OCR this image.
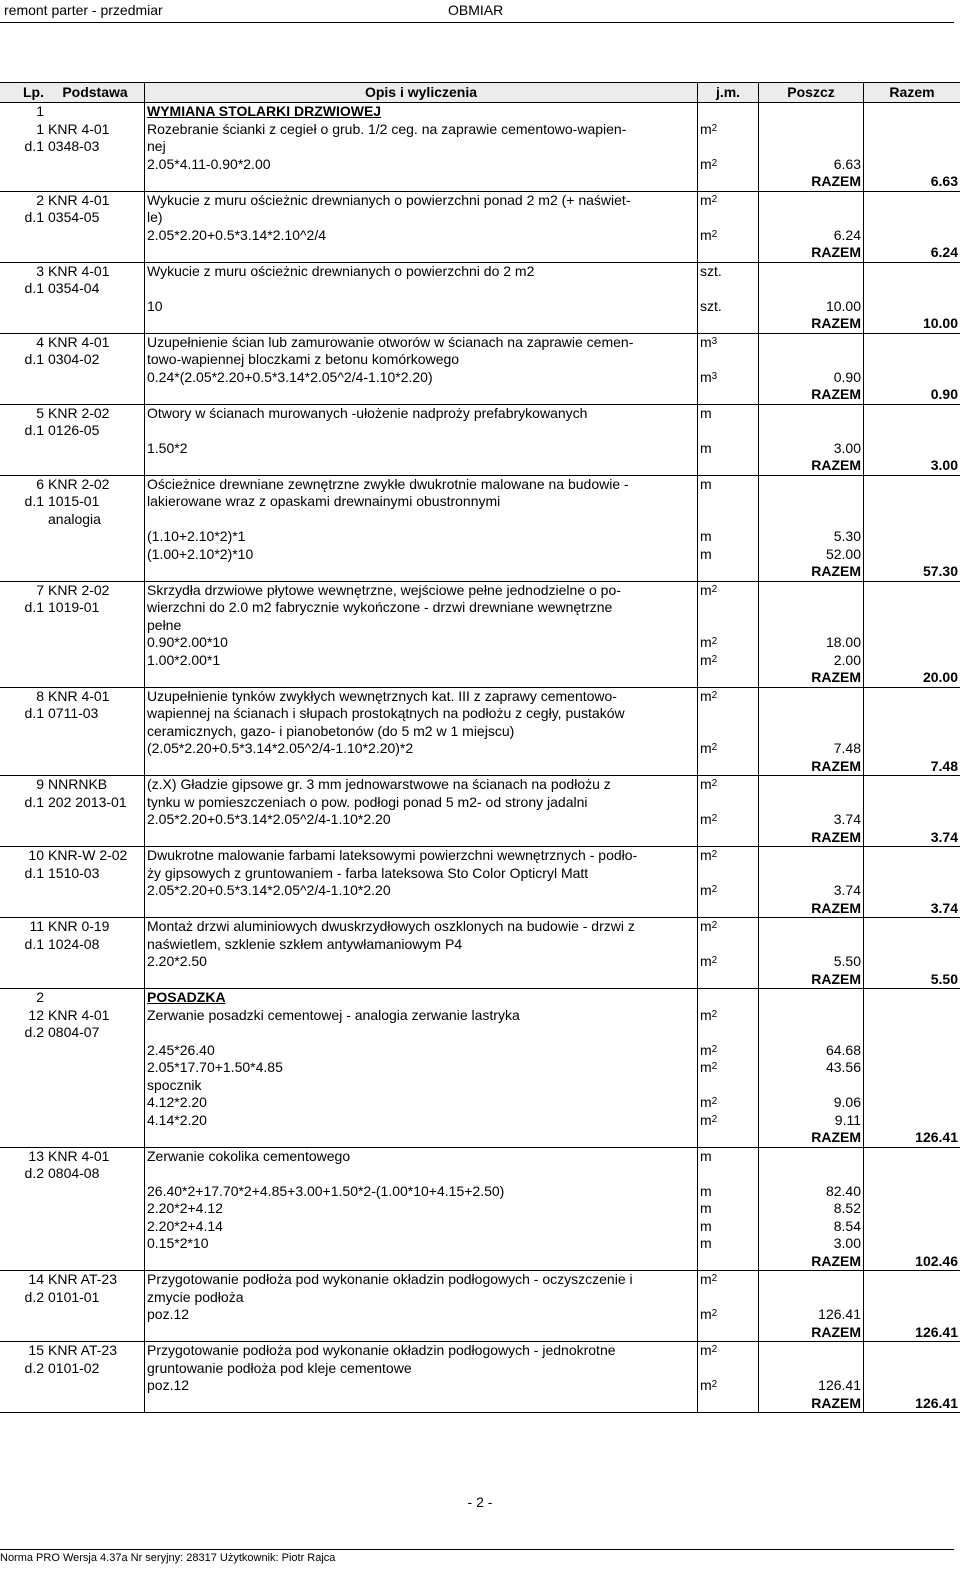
remont parter - przedmiar	OBMIAR
Lp.	Podstawa	Opis i wyliczenia	j.m.	Poszcz	Razem
1		WYMIANA STOLARKI DRZWIOWEJ			
1	KNR 4-01	Rozebranie ścianki z cegieł o grub. 1/2 ceg. na zaprawie cementowo-wapien-	$m^2$		
d.1	0348-03	nej			
		2.05*4.11-0.90*2.00	$m^2$	6.63	
				RAZEM	6.63
2	KNR 4-01	Wykucie z muru ościeżnic drewnianych o powierzchni ponad 2 m2 (+ naświet-	$m^2$		
d.1	0354-05	le)			
		2.05*2.20+0.5*3.14*2.10^2/4	$m^2$	6.24	
				RAZEM	6.24
3	KNR 4-01	Wykucie z muru ościeżnic drewnianych o powierzchni do 2 m2	szt.		
d.1	0354-04				
		10	szt.	10.00	
				RAZEM	10.00
4	KNR 4-01	Uzupełnienie ścian lub zamurowanie otworów w ścianach na zaprawie cemen-	$m^3$		
d.1	0304-02	towo-wapiennej bloczkami z betonu komórkowego			
		0.24*(2.05*2.20+0.5*3.14*2.05^2/4-1.10*2.20)	$m^3$	0.90	
				RAZEM	0.90
5	KNR 2-02	Otwory w ścianach murowanych -ułożenie nadproży prefabrykowanych	m		
d.1	0126-05				
		1.50*2	m	3.00	
				RAZEM	3.00
6	KNR 2-02	Ościeżnice drewniane zewnętrzne zwykłe dwukrotnie malowane na budowie -	m		
d.1	1015-01	lakierowane wraz z opaskami drewnainymi obustronnymi			
	analogia				
		(1.10+2.10*2)*1	m	5.30	
		(1.00+2.10*2)*10	m	52.00	
				RAZEM	57.30
7	KNR 2-02	Skrzydła drzwiowe płytowe wewnętrzne, wejściowe pełne jednodzielne o po-	$m^2$		
d.1	1019-01	wierzchni do 2.0 m2 fabrycznie wykończone - drzwi drewniane wewnętrzne			
		pełne			
		0.90*2.00*10	$m^2$	18.00	
		1.00*2.00*1	$m^2$	2.00	
				RAZEM	20.00
8	KNR 4-01	Uzupełnienie tynków zwykłych wewnętrznych kat. III z zaprawy cementowo-	$m^2$		
d.1	0711-03	wapiennej na ścianach i słupach prostokątnych na podłożu z cegły, pustaków			
		ceramicznych, gazo- i pianobetonów (do 5 m2 w 1 miejscu)			
		(2.05*2.20+0.5*3.14*2.05^2/4-1.10*2.20)*2	$m^2$	7.48	
				RAZEM	7.48
9	NNRNKB	(z.X) Gładzie gipsowe gr. 3 mm jednowarstwowe na ścianach na podłożu z	$m^2$		
d.1	202 2013-01	tynku w pomieszczeniach o pow. podłogi ponad 5 m2- od strony jadalni			
		2.05*2.20+0.5*3.14*2.05^2/4-1.10*2.20	$m^2$	3.74	
				RAZEM	3.74
10	KNR-W 2-02	Dwukrotne malowanie farbami lateksowymi powierzchni wewnętrznych - podło-	$m^2$		
d.1	1510-03	ży gipsowych z gruntowaniem - farba lateksowa Sto Color Opticryl Matt			
		2.05*2.20+0.5*3.14*2.05^2/4-1.10*2.20	$m^2$	3.74	
				RAZEM	3.74
11	KNR 0-19	Montaż drzwi aluminiowych dwuskrzydłowych oszklonych na budowie - drzwi z	$m^2$		
d.1	1024-08	naświetlem, szklenie szkłem antywłamaniowym P4			
		2.20*2.50	$m^2$	5.50	
				RAZEM	5.50
2		POSADZKA			
12	KNR 4-01	Zerwanie posadzki cementowej - analogia zerwanie lastryka	$m^2$		
d.2	0804-07				
		2.45*26.40	$m^2$	64.68	
		2.05*17.70+1.50*4.85	$m^2$	43.56	
		spocznik			
		4.12*2.20	$m^2$	9.06	
		4.14*2.20	$m^2$	9.11	
				RAZEM	126.41
13	KNR 4-01	Zerwanie cokolika cementowego	m		
d.2	0804-08				
		26.40*2+17.70*2+4.85+3.00+1.50*2-(1.00*10+4.15+2.50)	m	82.40	
		2.20*2+4.12	m	8.52	
		2.20*2+4.14	m	8.54	
		0.15*2*10	m	3.00	
				RAZEM	102.46
14	KNR AT-23	Przygotowanie podłoża pod wykonanie okładzin podłogowych - oczyszczenie i	$m^2$		
d.2	0101-01	zmycie podłoża			
		poz.12	$m^2$	126.41	
				RAZEM	126.41
15	KNR AT-23	Przygotowanie podłoża pod wykonanie okładzin podłogowych - jednokrotne	$m^2$		
d.2	0101-02	gruntowanie podłoża pod kleje cementowe			
		poz.12	$m^2$	126.41	
				RAZEM	126.41
- 2 -
Norma PRO Wersja 4.37a Nr seryjny: 28317 Użytkownik: Piotr Rajca
